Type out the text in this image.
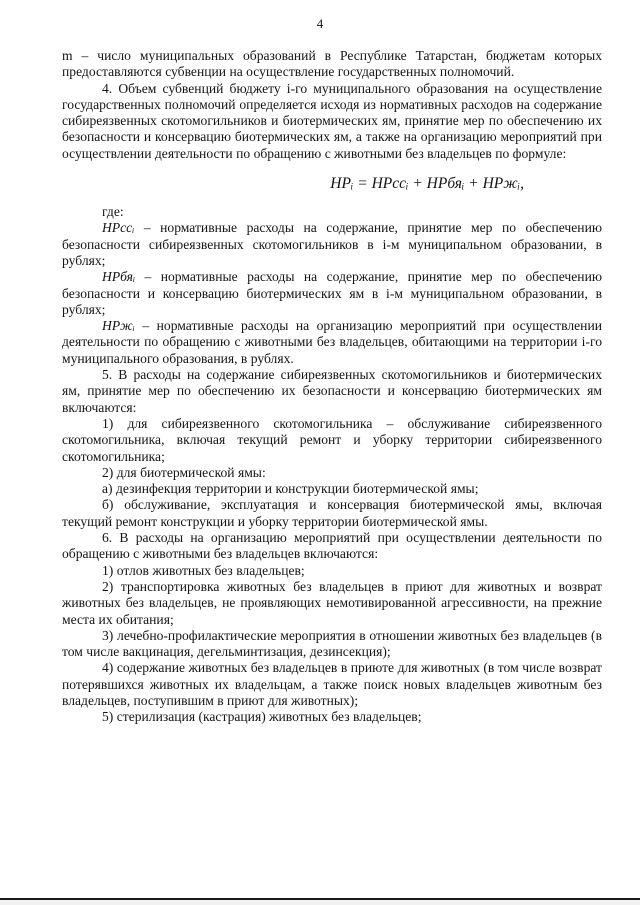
4

m – число муниципальных образований в Республике Татарстан, бюджетам которых предоставляются субвенции на осуществление государственных полномочий.

4. Объем субвенций бюджету i-го муниципального образования на осуществление государственных полномочий определяется исходя из нормативных расходов на содержание сибиреязвенных скотомогильников и биотермических ям, принятие мер по обеспечению их безопасности и консервацию биотермических ям, а также на организацию мероприятий при осуществлении деятельности по обращению с животными без владельцев по формуле:

НРᵢ = НРссᵢ + НРбяᵢ + НРжᵢ,

где:

НРссᵢ – нормативные расходы на содержание, принятие мер по обеспечению безопасности сибиреязвенных скотомогильников в i-м муниципальном образовании, в рублях;

НРбяᵢ – нормативные расходы на содержание, принятие мер по обеспечению безопасности и консервацию биотермических ям в i-м муниципальном образовании, в рублях;

НРжᵢ – нормативные расходы на организацию мероприятий при осуществлении деятельности по обращению с животными без владельцев, обитающими на территории i-го муниципального образования, в рублях.

5. В расходы на содержание сибиреязвенных скотомогильников и биотермических ям, принятие мер по обеспечению их безопасности и консервацию биотермических ям включаются:

1) для сибиреязвенного скотомогильника – обслуживание сибиреязвенного скотомогильника, включая текущий ремонт и уборку территории сибиреязвенного скотомогильника;

2) для биотермической ямы:

а) дезинфекция территории и конструкции биотермической ямы;

б) обслуживание, эксплуатация и консервация биотермической ямы, включая текущий ремонт конструкции и уборку территории биотермической ямы.

6. В расходы на организацию мероприятий при осуществлении деятельности по обращению с животными без владельцев включаются:

1) отлов животных без владельцев;

2) транспортировка животных без владельцев в приют для животных и возврат животных без владельцев, не проявляющих немотивированной агрессивности, на прежние места их обитания;

3) лечебно-профилактические мероприятия в отношении животных без владельцев (в том числе вакцинация, дегельминтизация, дезинсекция);

4) содержание животных без владельцев в приюте для животных (в том числе возврат потерявшихся животных их владельцам, а также поиск новых владельцев животным без владельцев, поступившим в приют для животных);

5) стерилизация (кастрация) животных без владельцев;
